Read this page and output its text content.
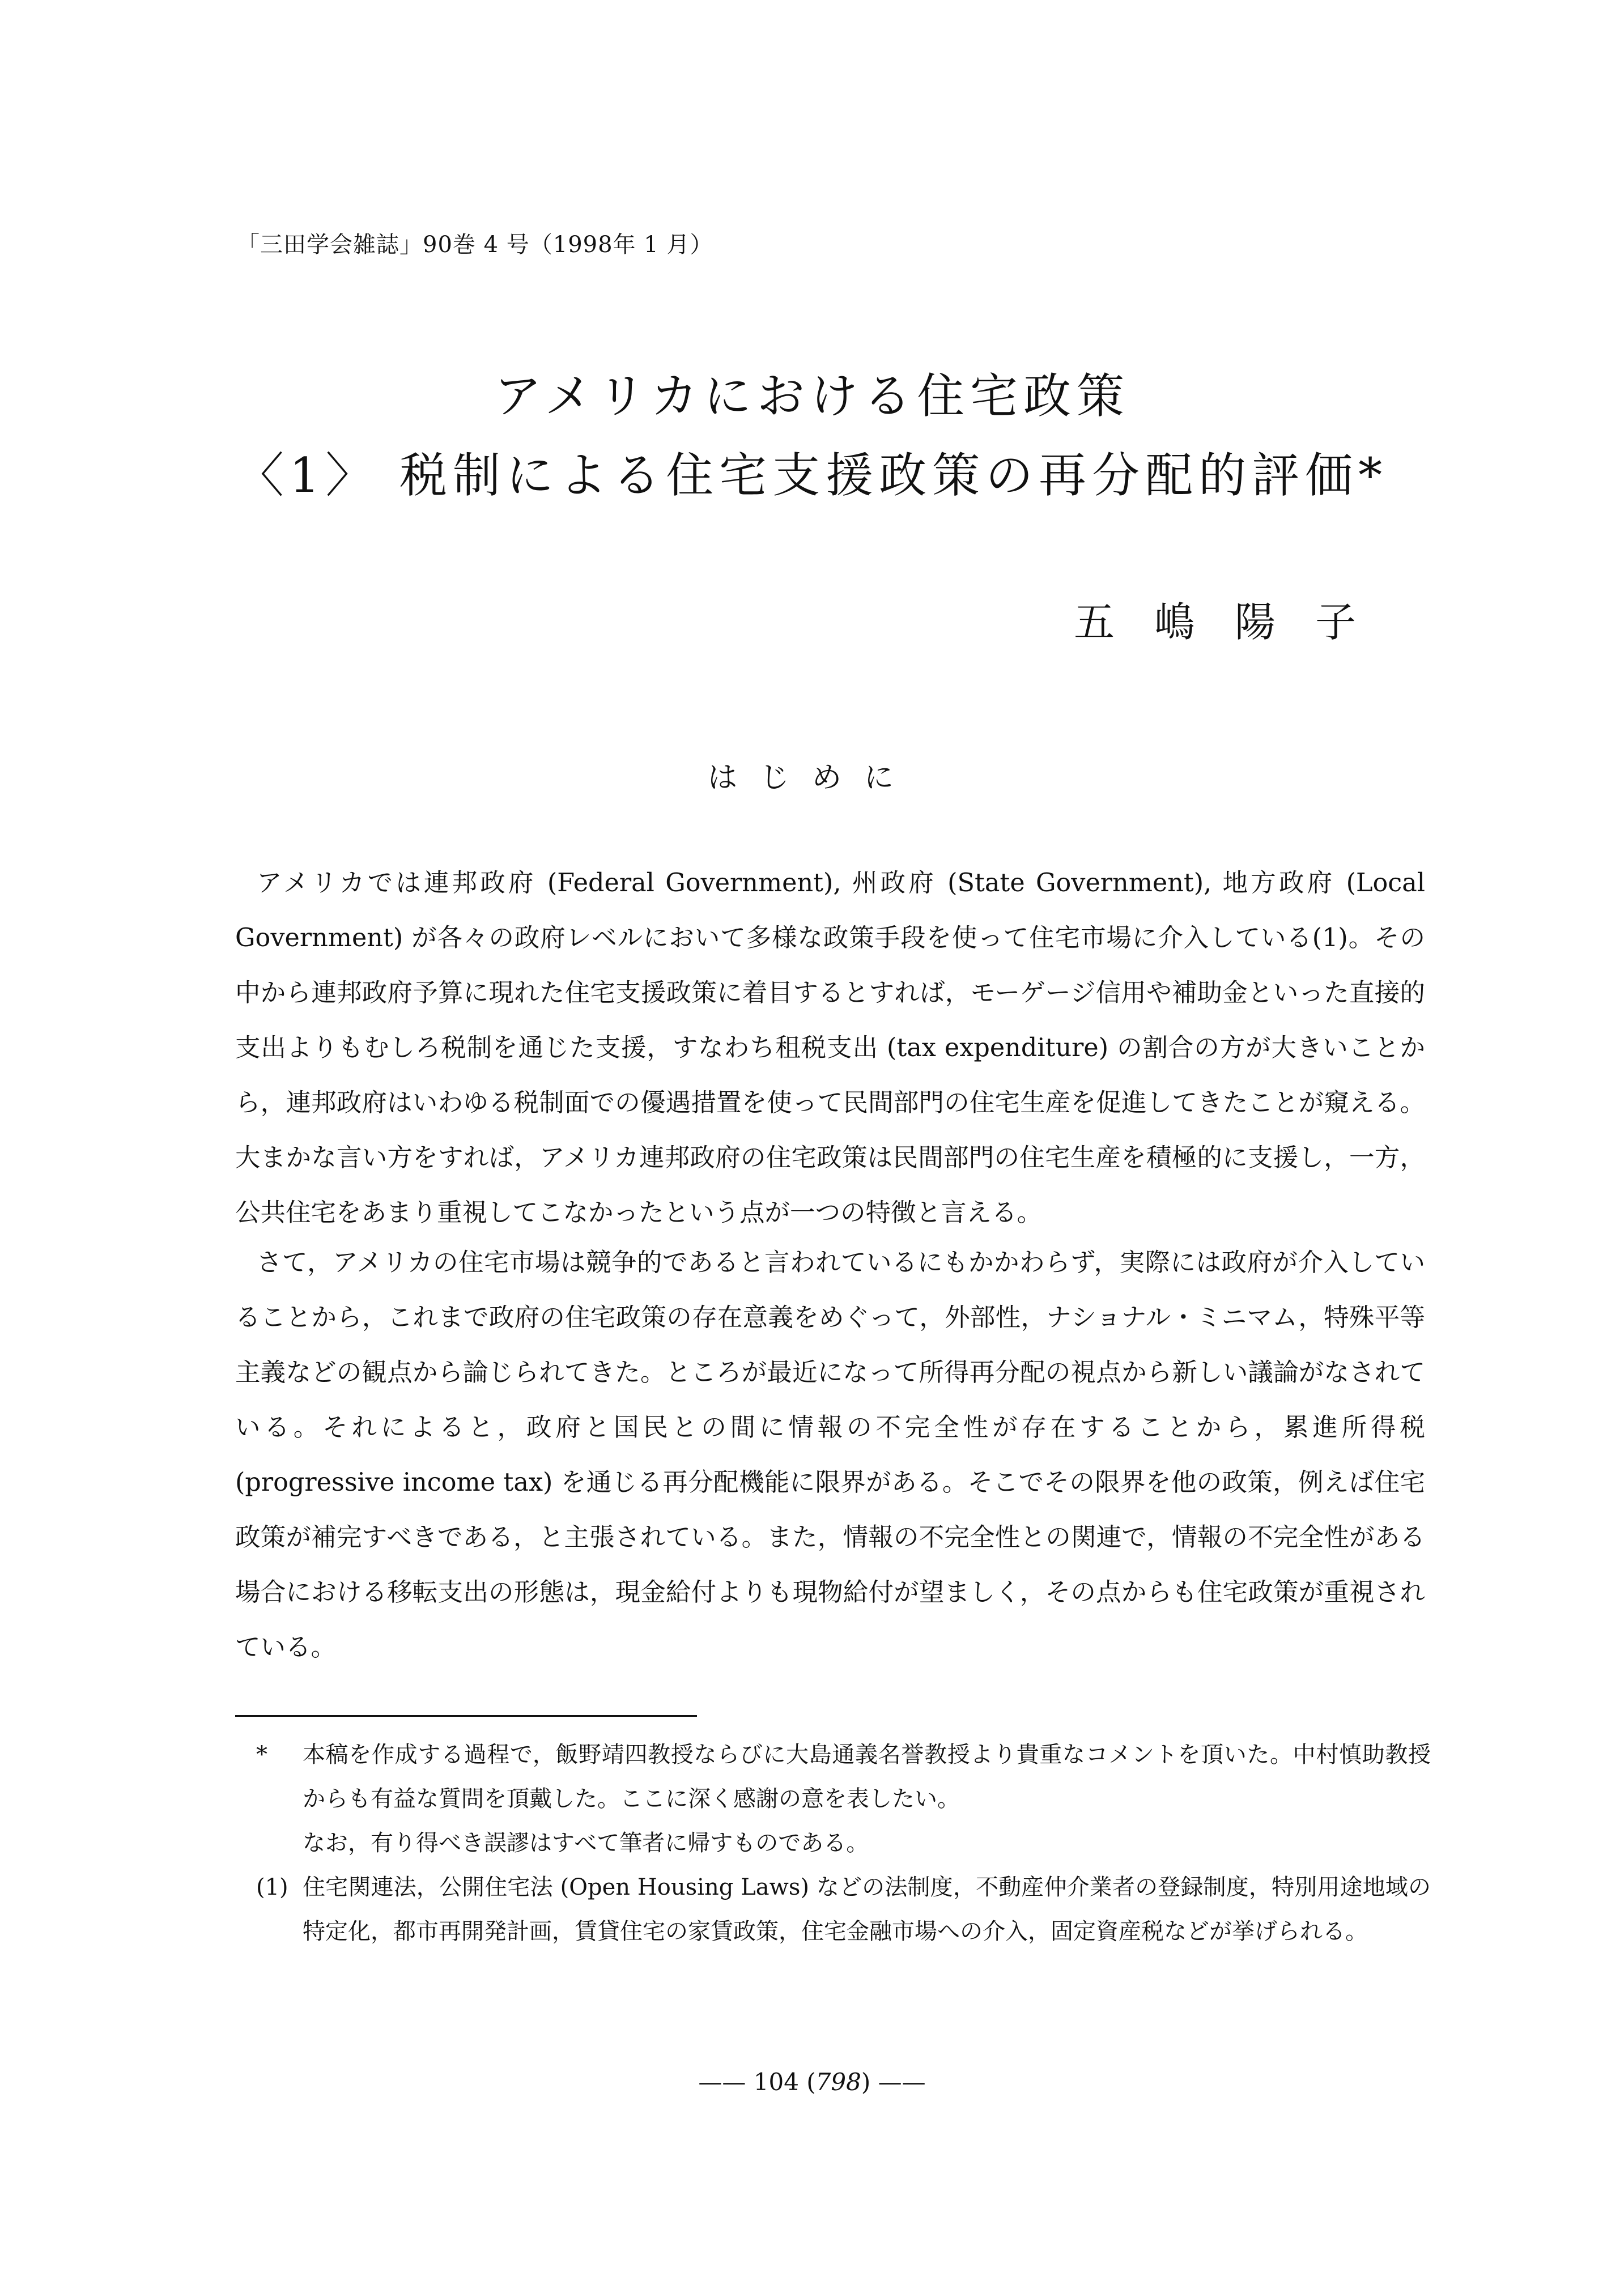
「三田学会雑誌」90巻 4 号（1998年 1 月）
アメリカにおける住宅政策
〈1〉 税制による住宅支援政策の再分配的評価*
五嶋陽子
はじめに
アメリカでは連邦政府 (Federal Government), 州政府 (State Government), 地方政府 (Local Government) が各々の政府レベルにおいて多様な政策手段を使って住宅市場に介入している(1)。その中から連邦政府予算に現れた住宅支援政策に着目するとすれば，モーゲージ信用や補助金といった直接的支出よりもむしろ税制を通じた支援，すなわち租税支出 (tax expenditure) の割合の方が大きいことから，連邦政府はいわゆる税制面での優遇措置を使って民間部門の住宅生産を促進してきたことが窺える。大まかな言い方をすれば，アメリカ連邦政府の住宅政策は民間部門の住宅生産を積極的に支援し，一方，公共住宅をあまり重視してこなかったという点が一つの特徴と言える。
さて，アメリカの住宅市場は競争的であると言われているにもかかわらず，実際には政府が介入していることから，これまで政府の住宅政策の存在意義をめぐって，外部性，ナショナル・ミニマム，特殊平等主義などの観点から論じられてきた。ところが最近になって所得再分配の視点から新しい議論がなされている。それによると，政府と国民との間に情報の不完全性が存在することから，累進所得税 (progressive income tax) を通じる再分配機能に限界がある。そこでその限界を他の政策，例えば住宅政策が補完すべきである，と主張されている。また，情報の不完全性との関連で，情報の不完全性がある場合における移転支出の形態は，現金給付よりも現物給付が望ましく，その点からも住宅政策が重視されている。
* 本稿を作成する過程で，飯野靖四教授ならびに大島通義名誉教授より貴重なコメントを頂いた。中村慎助教授からも有益な質問を頂戴した。ここに深く感謝の意を表したい。
なお，有り得べき誤謬はすべて筆者に帰すものである。
(1) 住宅関連法，公開住宅法 (Open Housing Laws) などの法制度，不動産仲介業者の登録制度，特別用途地域の特定化，都市再開発計画，賃貸住宅の家賃政策，住宅金融市場への介入，固定資産税などが挙げられる。
—— 104 (798) ——
